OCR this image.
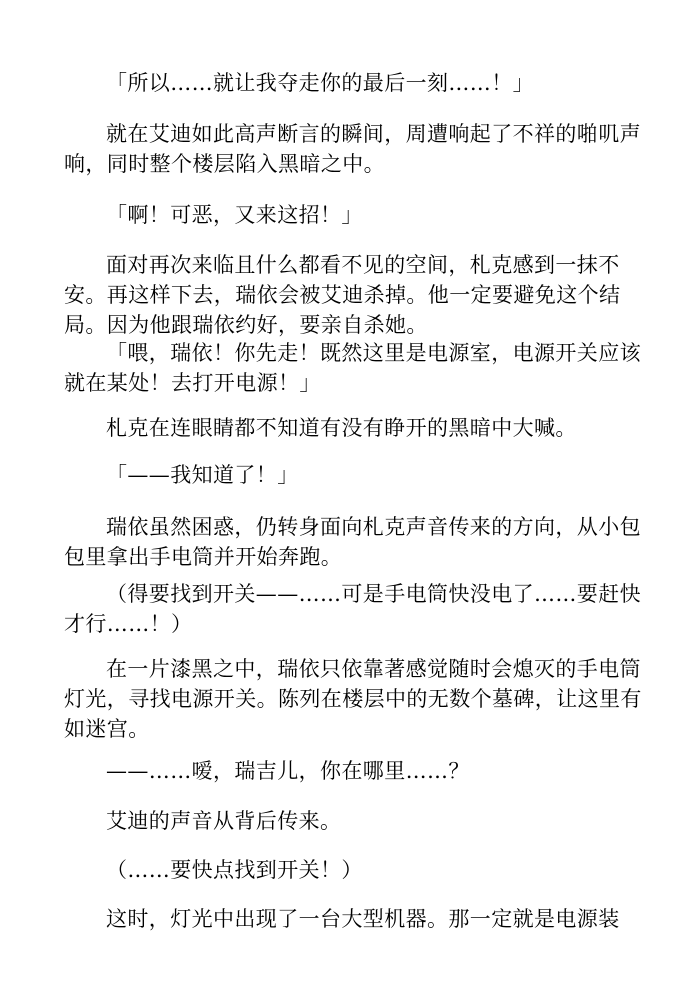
「所以……就让我夺走你的最后一刻……！」

就在艾迪如此高声断言的瞬间，周遭响起了不祥的啪叽声响，同时整个楼层陷入黑暗之中。

「啊！可恶，又来这招！」

面对再次来临且什么都看不见的空间，札克感到一抹不安。再这样下去，瑞依会被艾迪杀掉。他一定要避免这个结局。因为他跟瑞依约好，要亲自杀她。

「喂，瑞依！你先走！既然这里是电源室，电源开关应该就在某处！去打开电源！」

札克在连眼睛都不知道有没有睁开的黑暗中大喊。

「——我知道了！」

瑞依虽然困惑，仍转身面向札克声音传来的方向，从小包包里拿出手电筒并开始奔跑。

（得要找到开关——……可是手电筒快没电了……要赶快才行……！）

在一片漆黑之中，瑞依只依靠著感觉随时会熄灭的手电筒灯光，寻找电源开关。陈列在楼层中的无数个墓碑，让这里有如迷宫。

——……嗳，瑞吉儿，你在哪里……？

艾迪的声音从背后传来。

（……要快点找到开关！）

这时，灯光中出现了一台大型机器。那一定就是电源装
